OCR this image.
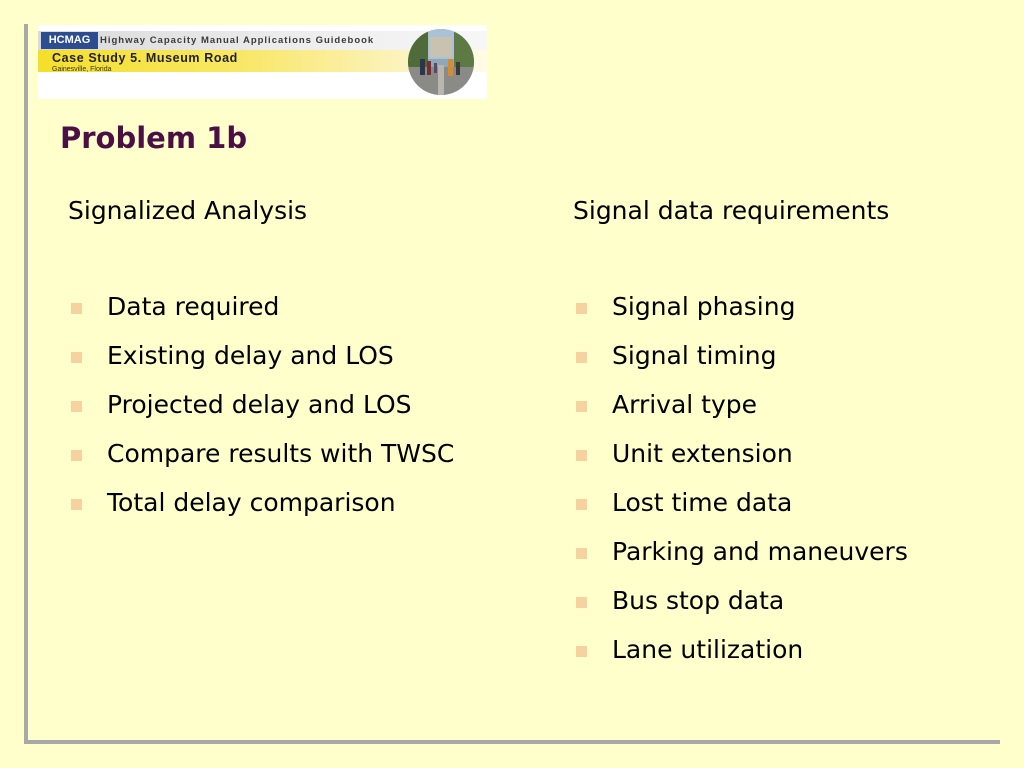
HCMAG	Highway Capacity Manual Applications Guidebook
Case Study 5. Museum Road
Gainesville, Florida
Problem 1b
Signalized Analysis
Data required
Existing delay and LOS
Projected delay and LOS
Compare results with TWSC
Total delay comparison
Signal data requirements
Signal phasing
Signal timing
Arrival type
Unit extension
Lost time data
Parking and maneuvers
Bus stop data
Lane utilization
